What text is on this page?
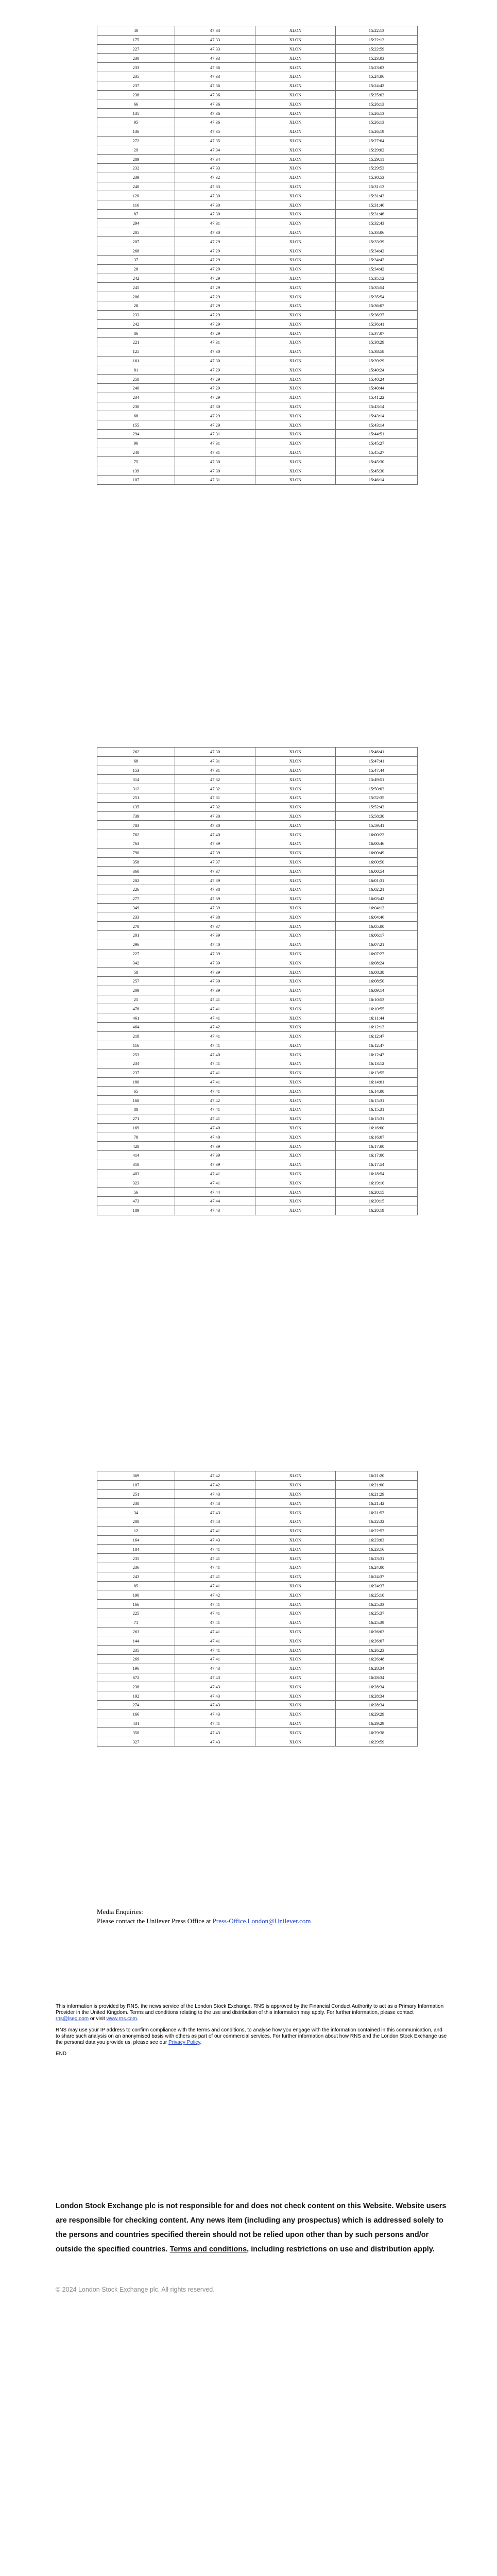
40	47.33	XLON	15:22:13
175	47.33	XLON	15:22:13
227	47.33	XLON	15:22:59
230	47.33	XLON	15:23:03
233	47.36	XLON	15:23:03
235	47.33	XLON	15:24:06
237	47.36	XLON	15:24:42
238	47.36	XLON	15:25:03
66	47.36	XLON	15:26:13
135	47.36	XLON	15:26:13
95	47.36	XLON	15:26:13
136	47.35	XLON	15:26:19
272	47.35	XLON	15:27:04
29	47.34	XLON	15:29:02
289	47.34	XLON	15:29:11
232	47.33	XLON	15:29:53
239	47.32	XLON	15:30:53
240	47.33	XLON	15:31:13
120	47.30	XLON	15:31:43
116	47.30	XLON	15:31:46
87	47.30	XLON	15:31:46
294	47.31	XLON	15:32:43
205	47.30	XLON	15:33:06
207	47.29	XLON	15:33:39
268	47.29	XLON	15:34:42
37	47.29	XLON	15:34:42
28	47.29	XLON	15:34:42
242	47.29	XLON	15:35:12
245	47.29	XLON	15:35:54
206	47.29	XLON	15:35:54
28	47.29	XLON	15:36:07
233	47.29	XLON	15:36:37
242	47.29	XLON	15:36:41
86	47.29	XLON	15:37:07
221	47.31	XLON	15:38:29
125	47.30	XLON	15:38:58
161	47.30	XLON	15:39:29
81	47.29	XLON	15:40:24
258	47.29	XLON	15:40:24
240	47.29	XLON	15:40:44
234	47.29	XLON	15:41:22
230	47.30	XLON	15:43:14
68	47.29	XLON	15:43:14
155	47.29	XLON	15:43:14
294	47.31	XLON	15:44:51
96	47.31	XLON	15:45:27
240	47.31	XLON	15:45:27
75	47.30	XLON	15:45:30
139	47.30	XLON	15:45:30
107	47.31	XLON	15:46:14
262	47.30	XLON	15:46:41
68	47.31	XLON	15:47:41
153	47.31	XLON	15:47:44
314	47.32	XLON	15:49:51
312	47.32	XLON	15:50:03
251	47.31	XLON	15:52:35
135	47.32	XLON	15:52:43
739	47.30	XLON	15:58:30
783	47.30	XLON	15:59:41
762	47.40	XLON	16:00:22
763	47.39	XLON	16:00:46
790	47.39	XLON	16:00:49
358	47.37	XLON	16:00:50
360	47.37	XLON	16:00:54
202	47.39	XLON	16:01:31
226	47.38	XLON	16:02:21
277	47.39	XLON	16:03:42
349	47.39	XLON	16:04:13
233	47.38	XLON	16:04:46
278	47.37	XLON	16:05:00
201	47.39	XLON	16:06:17
296	47.40	XLON	16:07:21
227	47.39	XLON	16:07:27
342	47.39	XLON	16:08:24
58	47.39	XLON	16:08:38
257	47.39	XLON	16:08:50
209	47.39	XLON	16:09:14
25	47.41	XLON	16:10:53
478	47.41	XLON	16:10:55
461	47.41	XLON	16:11:44
464	47.42	XLON	16:12:13
218	47.41	XLON	16:12:47
116	47.41	XLON	16:12:47
253	47.40	XLON	16:12:47
234	47.41	XLON	16:13:12
237	47.41	XLON	16:13:55
180	47.41	XLON	16:14:01
65	47.41	XLON	16:14:00
168	47.42	XLON	16:15:31
88	47.41	XLON	16:15:31
271	47.41	XLON	16:15:31
169	47.40	XLON	16:16:00
78	47.40	XLON	16:16:07
428	47.39	XLON	16:17:00
414	47.39	XLON	16:17:00
310	47.39	XLON	16:17:54
403	47.41	XLON	16:18:54
323	47.41	XLON	16:19:10
56	47.44	XLON	16:20:15
473	47.44	XLON	16:20:15
189	47.43	XLON	16:20:19
369	47.42	XLON	16:21:20
107	47.42	XLON	16:21:00
251	47.43	XLON	16:21:29
238	47.43	XLON	16:21:42
34	47.43	XLON	16:21:57
208	47.43	XLON	16:22:32
12	47.41	XLON	16:22:53
164	47.43	XLON	16:23:03
184	47.41	XLON	16:23:16
235	47.41	XLON	16:23:31
236	47.41	XLON	16:24:00
243	47.41	XLON	16:24:37
85	47.41	XLON	16:24:37
190	47.42	XLON	16:25:10
166	47.41	XLON	16:25:33
225	47.41	XLON	16:25:37
71	47.41	XLON	16:25:39
263	47.41	XLON	16:26:03
144	47.41	XLON	16:26:07
235	47.41	XLON	16:26:23
269	47.41	XLON	16:26:48
196	47.43	XLON	16:28:34
672	47.43	XLON	16:28:34
238	47.43	XLON	16:28:34
192	47.43	XLON	16:28:34
274	47.43	XLON	16:28:34
166	47.43	XLON	16:29:29
431	47.41	XLON	16:29:29
350	47.43	XLON	16:29:38
327	47.43	XLON	16:29:59
Media Enquiries:
Please contact the Unilever Press Office at Press-Office.London@Unilever.com

This information is provided by RNS, the news service of the London Stock Exchange. RNS is approved by the Financial Conduct Authority to act as a Primary Information Provider in the United Kingdom. Terms and conditions relating to the use and distribution of this information may apply. For further information, please contact rns@lseg.com or visit www.rns.com.

RNS may use your IP address to confirm compliance with the terms and conditions, to analyse how you engage with the information contained in this communication, and to share such analysis on an anonymised basis with others as part of our commercial services. For further information about how RNS and the London Stock Exchange use the personal data you provide us, please see our Privacy Policy.

END

London Stock Exchange plc is not responsible for and does not check content on this Website. Website users are responsible for checking content. Any news item (including any prospectus) which is addressed solely to the persons and countries specified therein should not be relied upon other than by such persons and/or outside the specified countries. Terms and conditions, including restrictions on use and distribution apply.
© 2024 London Stock Exchange plc. All rights reserved.
